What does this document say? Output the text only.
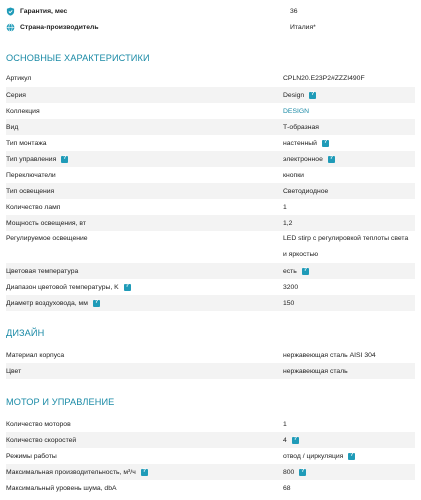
Гарантия, мес	36
Страна-производитель	Италия*
ОСНОВНЫЕ ХАРАКТЕРИСТИКИ
Артикул	CPLN20.E23P2#ZZZI490F
Серия	Design	?
Коллекция	DESIGN
Вид	Т-образная
Тип монтажа	настенный	?
Тип управления	?	электронное	?
Переключатели	кнопки
Тип освещения	Светодиодное
Количество ламп	1
Мощность освещения, вт	1,2
Регулируемое освещение	LED stirp с регулировкой теплоты света
и яркостью
Цветовая температура	есть	?
Диапазон цветовой температуры, K	?	3200
Диаметр воздуховода, мм	?	150
ДИЗАЙН
Материал корпуса	нержавеющая сталь AISI 304
Цвет	нержавеющая сталь
МОТОР И УПРАВЛЕНИЕ
Количество моторов	1
Количество скоростей	4	?
Режимы работы	отвод / циркуляция	?
Максимальная производительность, м³/ч	?	800	?
Максимальный уровень шума, dbA	68
